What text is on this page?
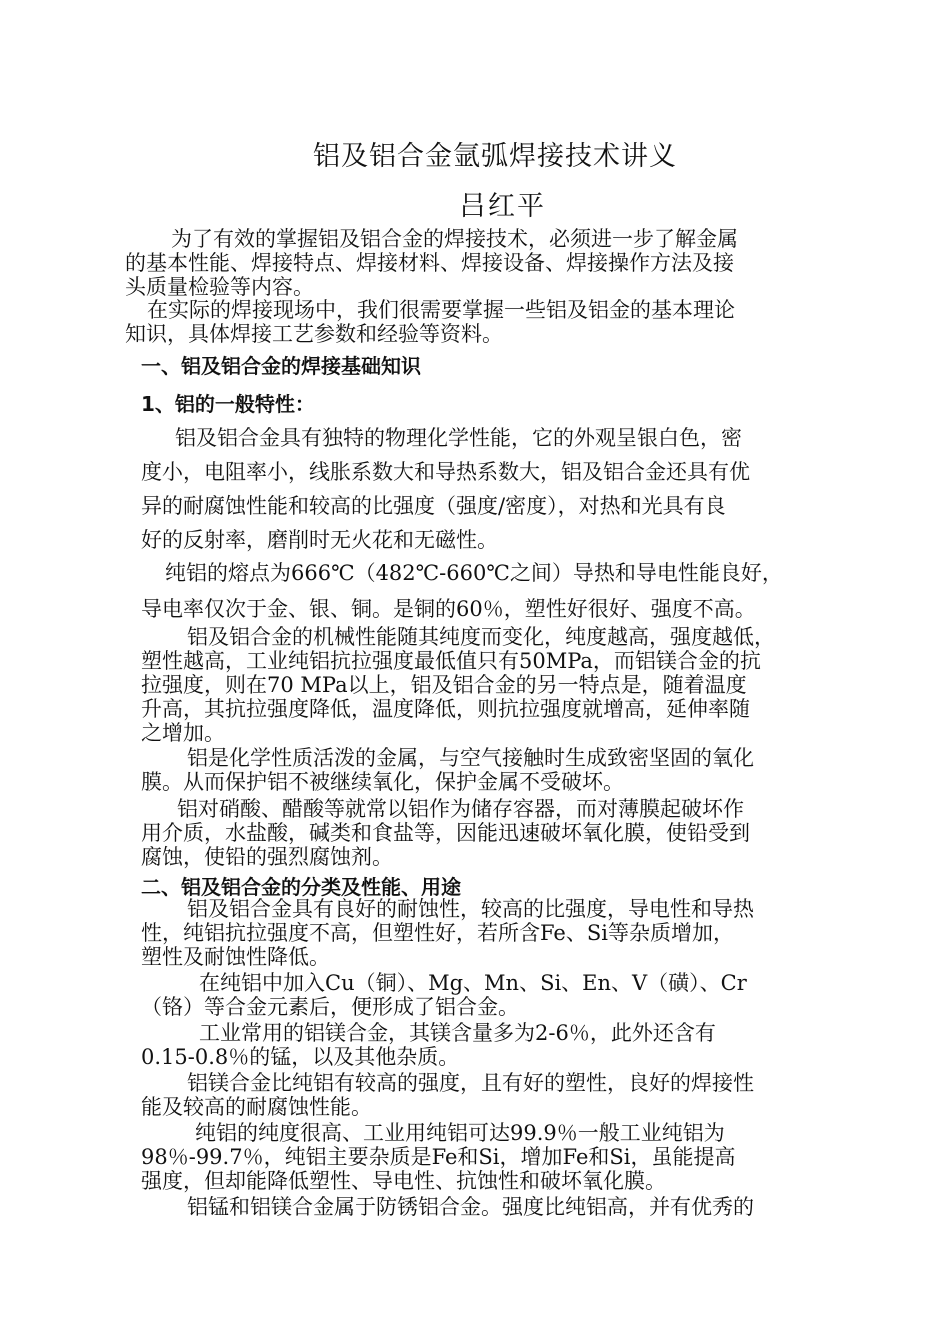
铝及铝合金氩弧焊接技术讲义
吕红平
为了有效的掌握铝及铝合金的焊接技术，必须进一步了解金属
的基本性能、焊接特点、焊接材料、焊接设备、焊接操作方法及接
头质量检验等内容。
在实际的焊接现场中，我们很需要掌握一些铝及铝金的基本理论
知识，具体焊接工艺参数和经验等资料。
一、铝及铝合金的焊接基础知识
1、铝的一般特性：
铝及铝合金具有独特的物理化学性能，它的外观呈银白色，密
度小，电阻率小，线胀系数大和导热系数大，铝及铝合金还具有优
异的耐腐蚀性能和较高的比强度（强度/密度），对热和光具有良
好的反射率，磨削时无火花和无磁性。
纯铝的熔点为666℃（482℃-660℃之间）导热和导电性能良好，
导电率仅次于金、银、铜。是铜的60％，塑性好很好、强度不高。
铝及铝合金的机械性能随其纯度而变化，纯度越高，强度越低，
塑性越高，工业纯铝抗拉强度最低值只有50MPa，而铝镁合金的抗
拉强度，则在70 MPa以上，铝及铝合金的另一特点是，随着温度
升高，其抗拉强度降低，温度降低，则抗拉强度就增高，延伸率随
之增加。
铝是化学性质活泼的金属，与空气接触时生成致密坚固的氧化
膜。从而保护铝不被继续氧化，保护金属不受破坏。
铝对硝酸、醋酸等就常以铝作为储存容器，而对薄膜起破坏作
用介质，水盐酸，碱类和食盐等，因能迅速破坏氧化膜，使铅受到
腐蚀，使铅的强烈腐蚀剂。
二、铝及铝合金的分类及性能、用途
铝及铝合金具有良好的耐蚀性，较高的比强度，导电性和导热
性，纯铝抗拉强度不高，但塑性好，若所含Fe、Si等杂质增加，
塑性及耐蚀性降低。
在纯铝中加入Cu（铜）、Mg、Mn、Si、En、V（磺）、Cr
（铬）等合金元素后，便形成了铝合金。
工业常用的铝镁合金，其镁含量多为2-6％，此外还含有
0.15-0.8％的锰，以及其他杂质。
铝镁合金比纯铝有较高的强度，且有好的塑性，良好的焊接性
能及较高的耐腐蚀性能。
纯铝的纯度很高、工业用纯铝可达99.9％一般工业纯铝为
98％-99.7％，纯铝主要杂质是Fe和Si，增加Fe和Si，虽能提高
强度，但却能降低塑性、导电性、抗蚀性和破坏氧化膜。
铝锰和铝镁合金属于防锈铝合金。强度比纯铝高，并有优秀的
